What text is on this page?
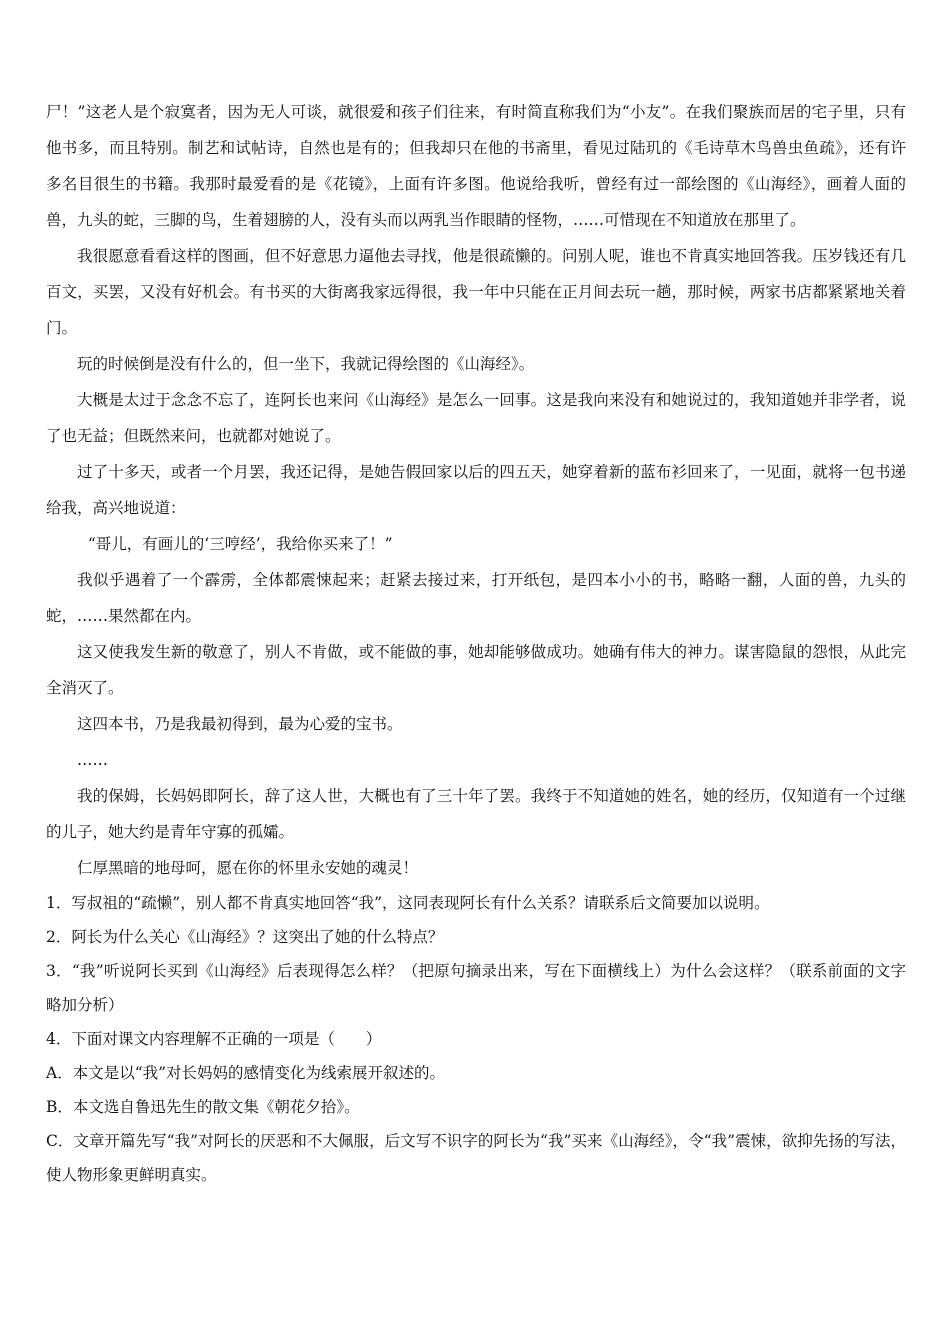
尸！”这老人是个寂寞者，因为无人可谈，就很爱和孩子们往来，有时简直称我们为“小友”。在我们聚族而居的宅子里，只有他书多，而且特别。制艺和试帖诗，自然也是有的；但我却只在他的书斋里，看见过陆玑的《毛诗草木鸟兽虫鱼疏》，还有许多名目很生的书籍。我那时最爱看的是《花镜》，上面有许多图。他说给我听，曾经有过一部绘图的《山海经》，画着人面的兽，九头的蛇，三脚的鸟，生着翅膀的人，没有头而以两乳当作眼睛的怪物，……可惜现在不知道放在那里了。

我很愿意看看这样的图画，但不好意思力逼他去寻找，他是很疏懒的。问别人呢，谁也不肯真实地回答我。压岁钱还有几百文，买罢，又没有好机会。有书买的大街离我家远得很，我一年中只能在正月间去玩一趟，那时候，两家书店都紧紧地关着门。

玩的时候倒是没有什么的，但一坐下，我就记得绘图的《山海经》。

大概是太过于念念不忘了，连阿长也来问《山海经》是怎么一回事。这是我向来没有和她说过的，我知道她并非学者，说了也无益；但既然来问，也就都对她说了。

过了十多天，或者一个月罢，我还记得，是她告假回家以后的四五天，她穿着新的蓝布衫回来了，一见面，就将一包书递给我，高兴地说道：

“哥儿，有画儿的‘三哼经’，我给你买来了！”

我似乎遇着了一个霹雳，全体都震悚起来；赶紧去接过来，打开纸包，是四本小小的书，略略一翻，人面的兽，九头的蛇，……果然都在内。

这又使我发生新的敬意了，别人不肯做，或不能做的事，她却能够做成功。她确有伟大的神力。谋害隐鼠的怨恨，从此完全消灭了。

这四本书，乃是我最初得到，最为心爱的宝书。

……

我的保姆，长妈妈即阿长，辞了这人世，大概也有了三十年了罢。我终于不知道她的姓名，她的经历，仅知道有一个过继的儿子，她大约是青年守寡的孤孀。

仁厚黑暗的地母呵，愿在你的怀里永安她的魂灵！

1．写叔祖的“疏懒”，别人都不肯真实地回答“我”，这同表现阿长有什么关系？请联系后文简要加以说明。

2．阿长为什么关心《山海经》？这突出了她的什么特点？

3．“我”听说阿长买到《山海经》后表现得怎么样？（把原句摘录出来，写在下面横线上）为什么会这样？（联系前面的文字略加分析）

4．下面对课文内容理解不正确的一项是（　　）

A．本文是以“我”对长妈妈的感情变化为线索展开叙述的。

B．本文选自鲁迅先生的散文集《朝花夕拾》。

C．文章开篇先写“我”对阿长的厌恶和不大佩服，后文写不识字的阿长为“我”买来《山海经》，令“我”震悚，欲抑先扬的写法，使人物形象更鲜明真实。
